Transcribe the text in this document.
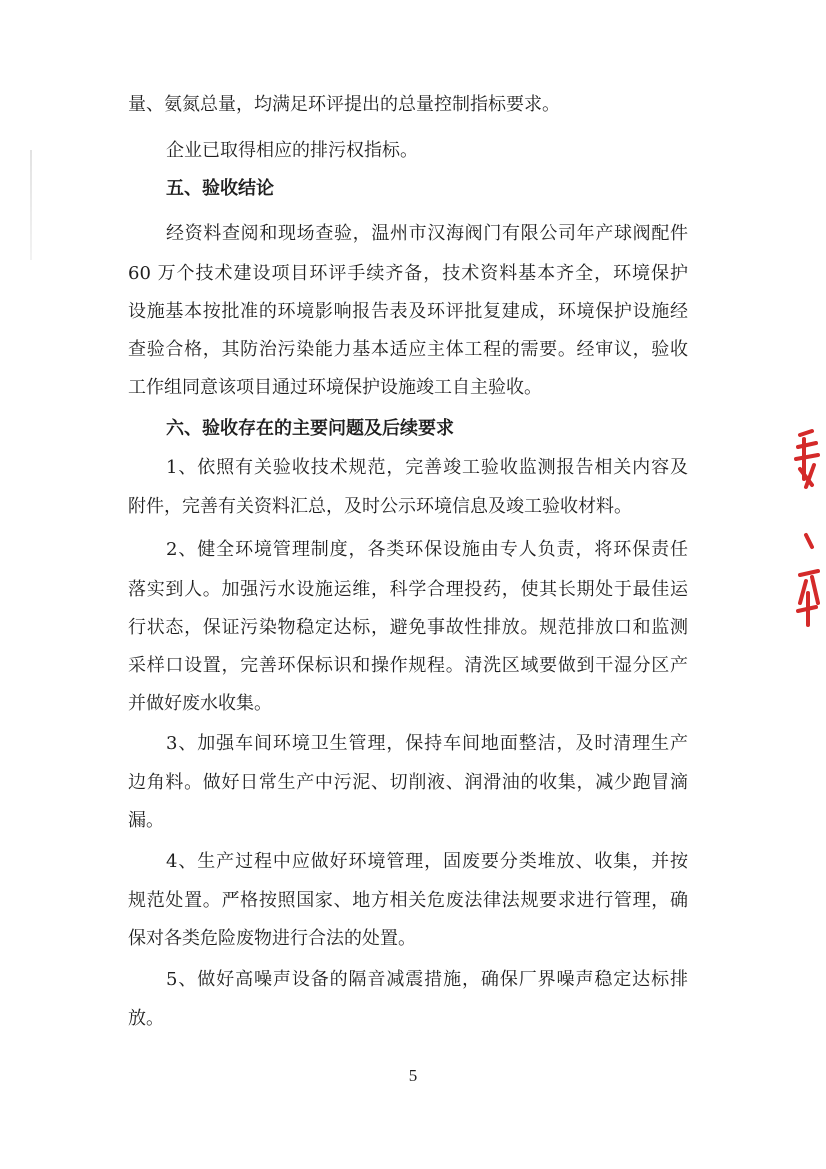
量、氨氮总量，均满足环评提出的总量控制指标要求。

企业已取得相应的排污权指标。

五、验收结论

经资料查阅和现场查验，温州市汉海阀门有限公司年产球阀配件

60 万个技术建设项目环评手续齐备，技术资料基本齐全，环境保护

设施基本按批准的环境影响报告表及环评批复建成，环境保护设施经

查验合格，其防治污染能力基本适应主体工程的需要。经审议，验收

工作组同意该项目通过环境保护设施竣工自主验收。

六、验收存在的主要问题及后续要求

1、依照有关验收技术规范，完善竣工验收监测报告相关内容及

附件，完善有关资料汇总，及时公示环境信息及竣工验收材料。

2、健全环境管理制度，各类环保设施由专人负责，将环保责任

落实到人。加强污水设施运维，科学合理投药，使其长期处于最佳运

行状态，保证污染物稳定达标，避免事故性排放。规范排放口和监测

采样口设置，完善环保标识和操作规程。清洗区域要做到干湿分区产

并做好废水收集。

3、加强车间环境卫生管理，保持车间地面整洁，及时清理生产

边角料。做好日常生产中污泥、切削液、润滑油的收集，减少跑冒滴

漏。

4、生产过程中应做好环境管理，固废要分类堆放、收集，并按

规范处置。严格按照国家、地方相关危废法律法规要求进行管理，确

保对各类危险废物进行合法的处置。

5、做好高噪声设备的隔音减震措施，确保厂界噪声稳定达标排

放。

5
